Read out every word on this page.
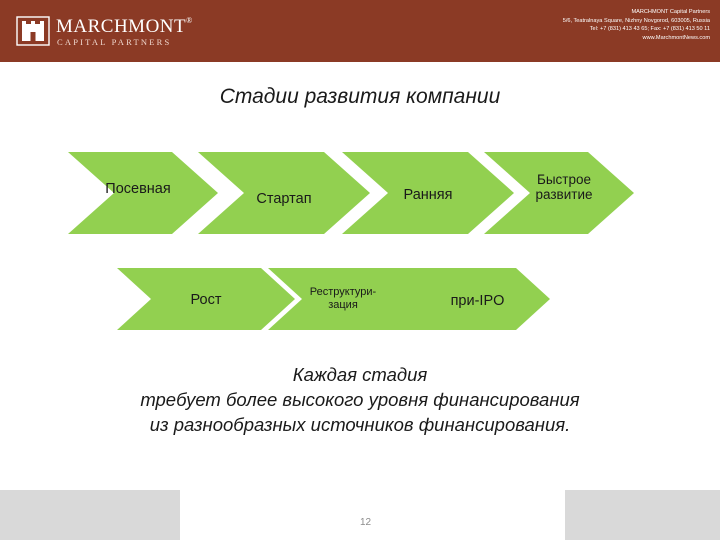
MARCHMONT®
CAPITAL PARTNERS
MARCHMONT Capital Partners
5/6, Teatralnaya Square, Nizhny Novgorod, 603005, Russia
Tel: +7 (831) 413 43 65; Fax: +7 (831) 413 50 11
www.MarchmontNews.com
Стадии развития компании
Посевная
Стартап	Ранняя
Быстрое
развитие
Рост	Реструктури-
зация	при-IPO
Каждая стадия
требует более высокого уровня финансирования
из разнообразных источников финансирования.
12
